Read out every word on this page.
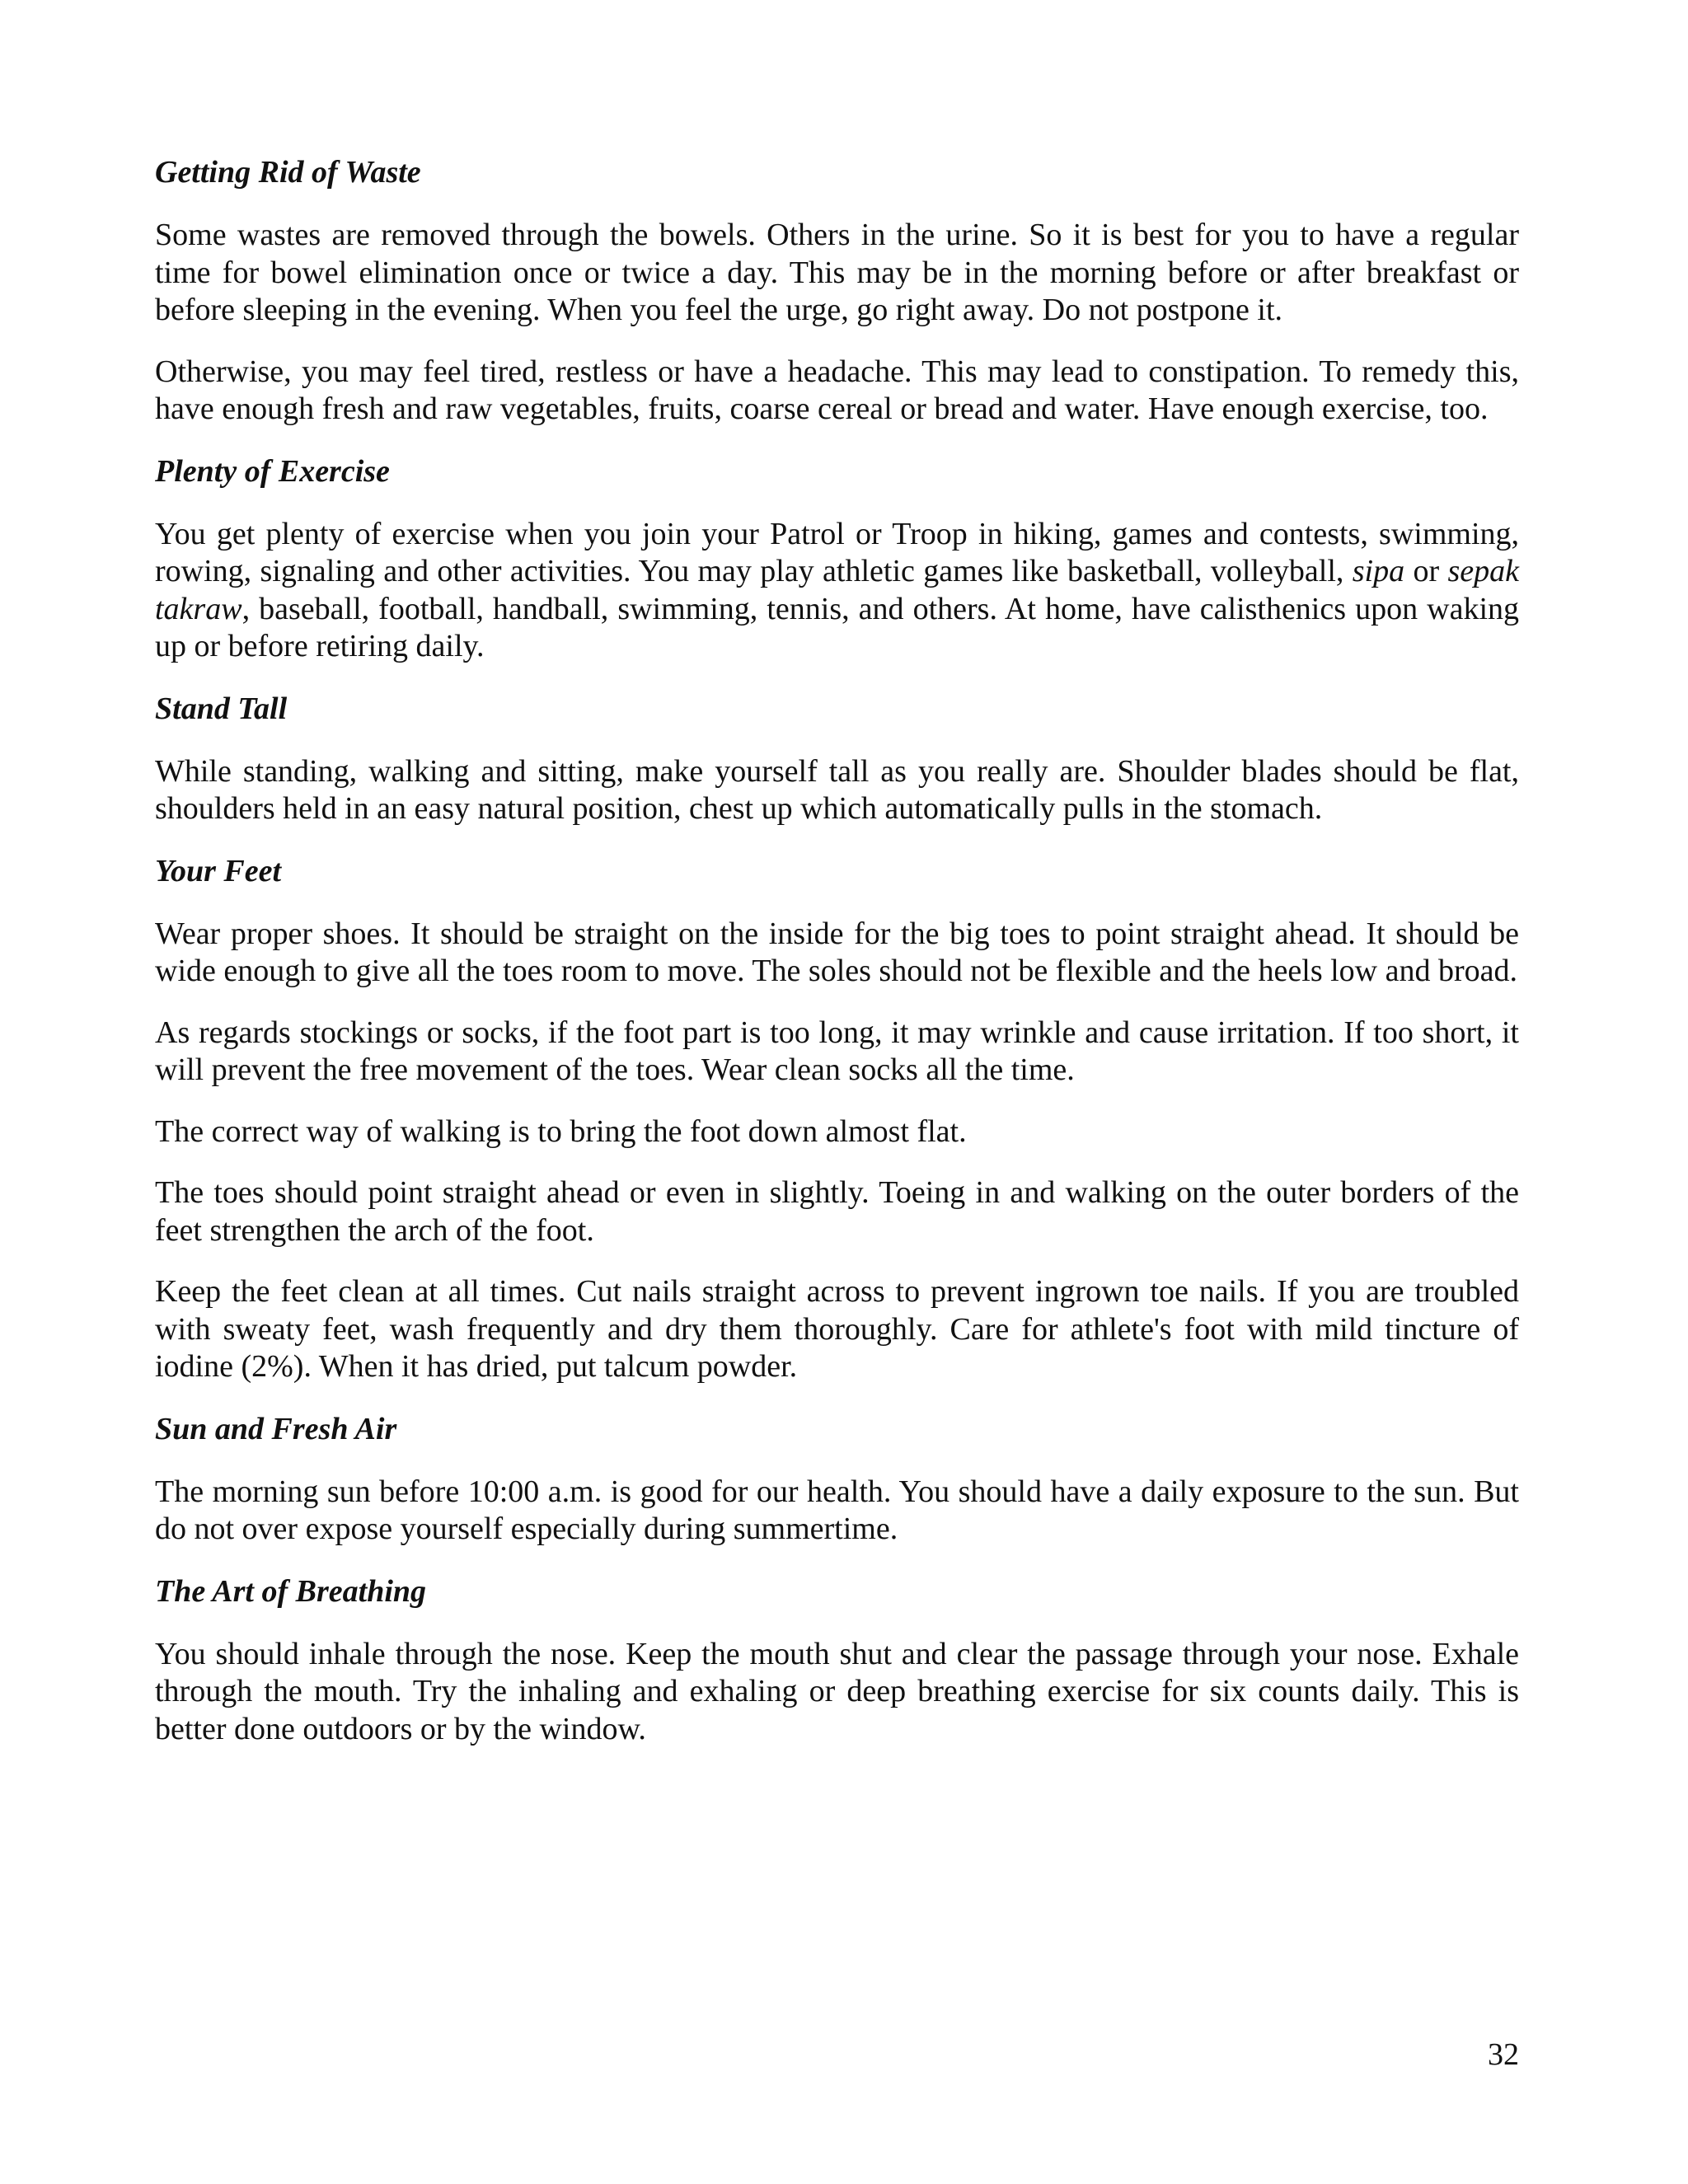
Getting Rid of Waste

Some wastes are removed through the bowels. Others in the urine. So it is best for you to have a regular time for bowel elimination once or twice a day. This may be in the morning before or after breakfast or before sleeping in the evening. When you feel the urge, go right away. Do not postpone it.

Otherwise, you may feel tired, restless or have a headache. This may lead to constipation. To remedy this, have enough fresh and raw vegetables, fruits, coarse cereal or bread and water. Have enough exercise, too.

Plenty of Exercise

You get plenty of exercise when you join your Patrol or Troop in hiking, games and contests, swimming, rowing, signaling and other activities. You may play athletic games like basketball, volleyball, sipa or sepak takraw, baseball, football, handball, swimming, tennis, and others. At home, have calisthenics upon waking up or before retiring daily.

Stand Tall

While standing, walking and sitting, make yourself tall as you really are. Shoulder blades should be flat, shoulders held in an easy natural position, chest up which automatically pulls in the stomach.

Your Feet

Wear proper shoes. It should be straight on the inside for the big toes to point straight ahead. It should be wide enough to give all the toes room to move. The soles should not be flexible and the heels low and broad.

As regards stockings or socks, if the foot part is too long, it may wrinkle and cause irritation. If too short, it will prevent the free movement of the toes. Wear clean socks all the time.

The correct way of walking is to bring the foot down almost flat.

The toes should point straight ahead or even in slightly. Toeing in and walking on the outer borders of the feet strengthen the arch of the foot.

Keep the feet clean at all times. Cut nails straight across to prevent ingrown toe nails. If you are troubled with sweaty feet, wash frequently and dry them thoroughly. Care for athlete's foot with mild tincture of iodine (2%). When it has dried, put talcum powder.

Sun and Fresh Air

The morning sun before 10:00 a.m. is good for our health. You should have a daily exposure to the sun. But do not over expose yourself especially during summertime.

The Art of Breathing

You should inhale through the nose. Keep the mouth shut and clear the passage through your nose. Exhale through the mouth. Try the inhaling and exhaling or deep breathing exercise for six counts daily. This is better done outdoors or by the window.

32
